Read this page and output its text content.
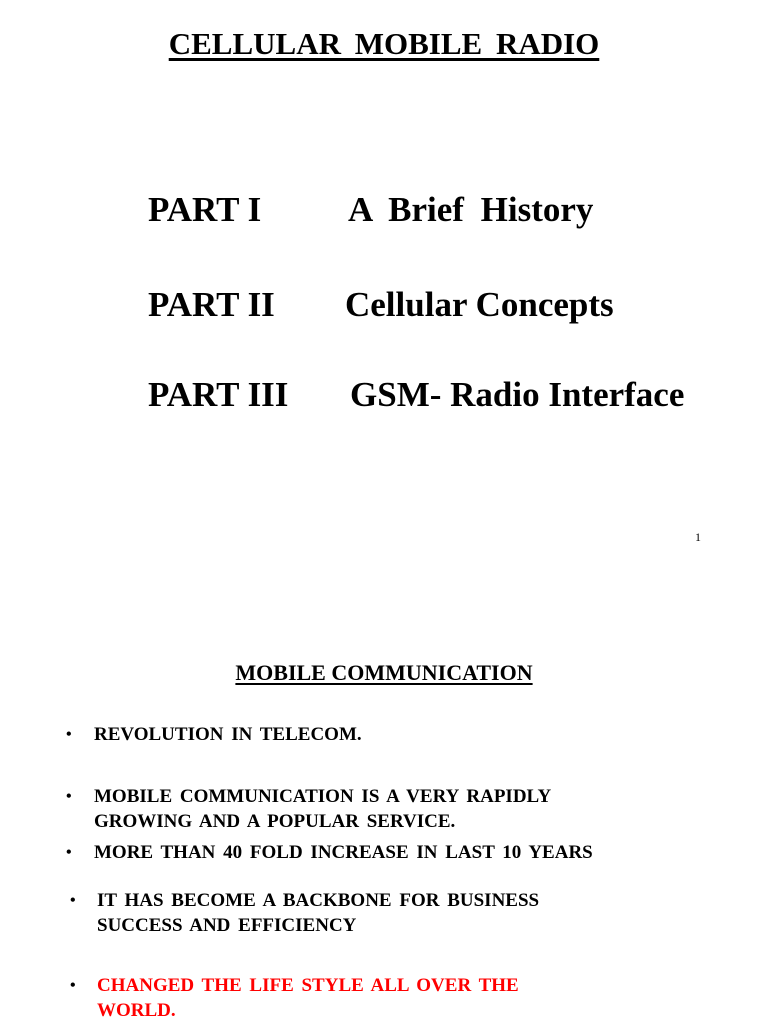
CELLULAR MOBILE RADIO
PART I A Brief History
PART II Cellular Concepts
PART III GSM- Radio Interface
1
MOBILE COMMUNICATION
• REVOLUTION IN TELECOM.
• MOBILE COMMUNICATION IS A VERY RAPIDLY
GROWING AND A POPULAR SERVICE.
• MORE THAN 40 FOLD INCREASE IN LAST 10 YEARS
• IT HAS BECOME A BACKBONE FOR BUSINESS
SUCCESS AND EFFICIENCY
• CHANGED THE LIFE STYLE ALL OVER THE
WORLD.
